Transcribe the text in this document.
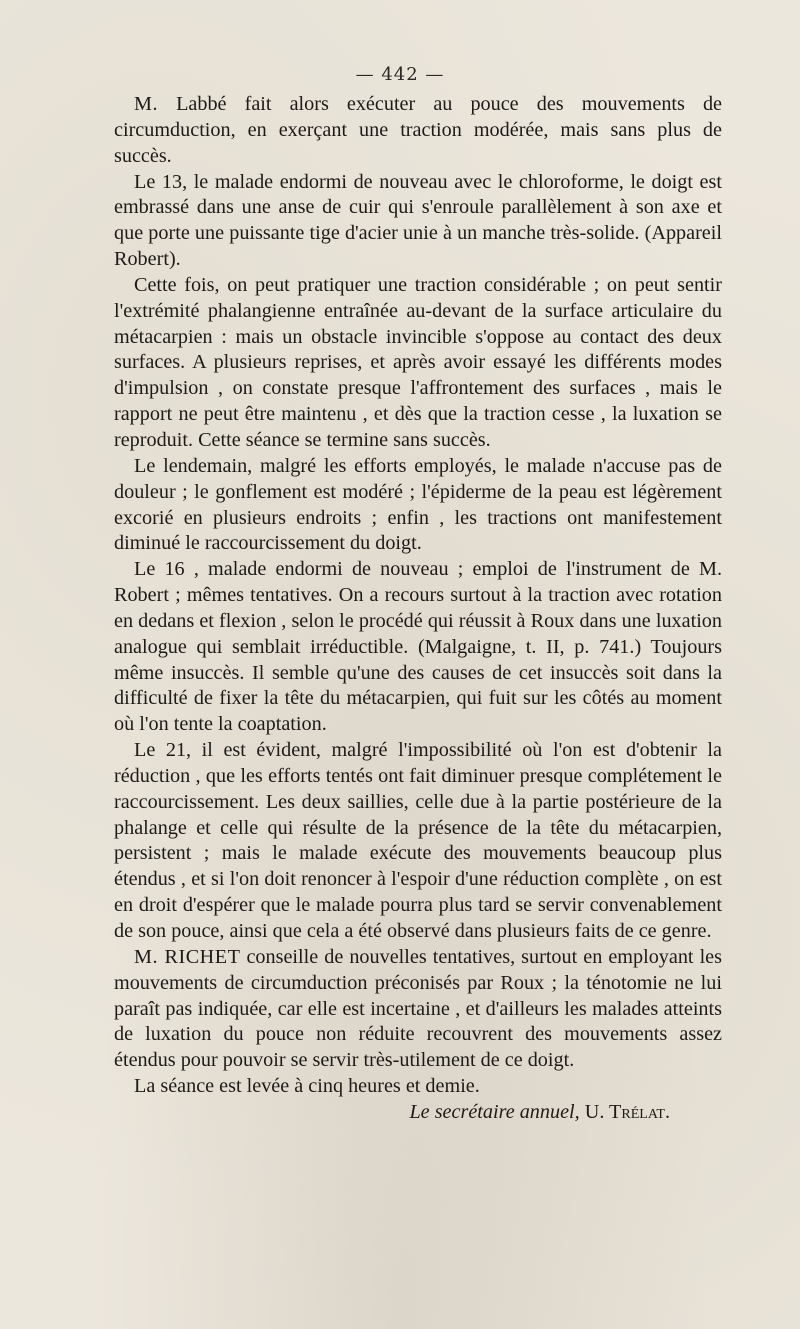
— 442 —

M. Labbé fait alors exécuter au pouce des mouvements de circumduction, en exerçant une traction modérée, mais sans plus de succès.

Le 13, le malade endormi de nouveau avec le chloroforme, le doigt est embrassé dans une anse de cuir qui s'enroule parallèlement à son axe et que porte une puissante tige d'acier unie à un manche très-solide. (Appareil Robert).

Cette fois, on peut pratiquer une traction considérable ; on peut sentir l'extrémité phalangienne entraînée au-devant de la surface articulaire du métacarpien : mais un obstacle invincible s'oppose au contact des deux surfaces. A plusieurs reprises, et après avoir essayé les différents modes d'impulsion , on constate presque l'affrontement des surfaces , mais le rapport ne peut être maintenu , et dès que la traction cesse , la luxation se reproduit. Cette séance se termine sans succès.

Le lendemain, malgré les efforts employés, le malade n'accuse pas de douleur ; le gonflement est modéré ; l'épiderme de la peau est légèrement excorié en plusieurs endroits ; enfin , les tractions ont manifestement diminué le raccourcissement du doigt.

Le 16 , malade endormi de nouveau ; emploi de l'instrument de M. Robert ; mêmes tentatives. On a recours surtout à la traction avec rotation en dedans et flexion , selon le procédé qui réussit à Roux dans une luxation analogue qui semblait irréductible. (Malgaigne, t. II, p. 741.) Toujours même insuccès. Il semble qu'une des causes de cet insuccès soit dans la difficulté de fixer la tête du métacarpien, qui fuit sur les côtés au moment où l'on tente la coaptation.

Le 21, il est évident, malgré l'impossibilité où l'on est d'obtenir la réduction , que les efforts tentés ont fait diminuer presque complétement le raccourcissement. Les deux saillies, celle due à la partie postérieure de la phalange et celle qui résulte de la présence de la tête du métacarpien, persistent ; mais le malade exécute des mouvements beaucoup plus étendus , et si l'on doit renoncer à l'espoir d'une réduction complète , on est en droit d'espérer que le malade pourra plus tard se servir convenablement de son pouce, ainsi que cela a été observé dans plusieurs faits de ce genre.

M. RICHET conseille de nouvelles tentatives, surtout en employant les mouvements de circumduction préconisés par Roux ; la ténotomie ne lui paraît pas indiquée, car elle est incertaine , et d'ailleurs les malades atteints de luxation du pouce non réduite recouvrent des mouvements assez étendus pour pouvoir se servir très-utilement de ce doigt.

La séance est levée à cinq heures et demie.

Le secrétaire annuel, U. Trélat.
